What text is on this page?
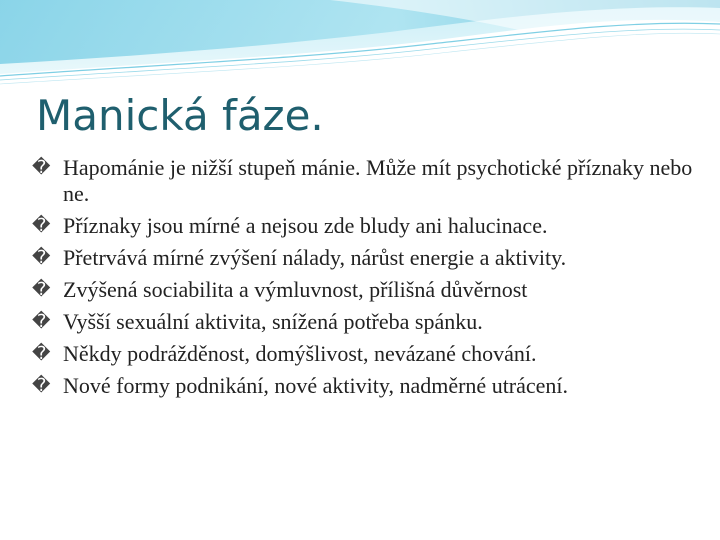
Manická fáze.
� Hapománie je nižší stupeň mánie. Může mít psychotické příznaky nebo ne.
� Příznaky jsou mírné a nejsou zde bludy ani halucinace.
� Přetrvává mírné zvýšení nálady, nárůst energie a aktivity.
� Zvýšená sociabilita a výmluvnost, přílišná důvěrnost
� Vyšší sexuální aktivita, snížená potřeba spánku.
� Někdy podrážděnost, domýšlivost, nevázané chování.
� Nové formy podnikání, nové aktivity, nadměrné utrácení.
